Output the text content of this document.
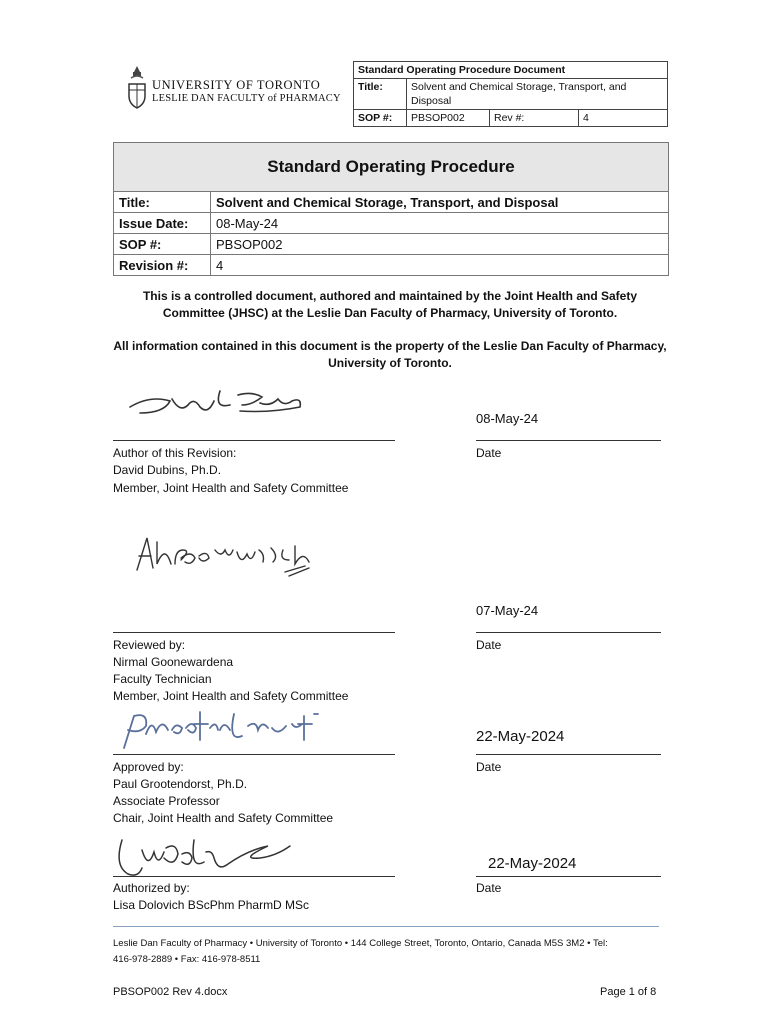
UNIVERSITY OF TORONTO
LESLIE DAN FACULTY of PHARMACY
Standard Operating Procedure Document			
Title:	Solvent and Chemical Storage, Transport, and Disposal		
SOP #:	PBSOP002	Rev #:	4
Standard Operating Procedure
Title:	Solvent and Chemical Storage, Transport, and Disposal
Issue Date:	08-May-24
SOP #:	PBSOP002
Revision #:	4
This is a controlled document, authored and maintained by the Joint Health and Safety Committee (JHSC) at the Leslie Dan Faculty of Pharmacy, University of Toronto.
All information contained in this document is the property of the Leslie Dan Faculty of Pharmacy, University of Toronto.
08-May-24
Author of this Revision:
David Dubins, Ph.D.
Member, Joint Health and Safety Committee
Date
07-May-24
Reviewed by:
Nirmal Goonewardena
Faculty Technician
Member, Joint Health and Safety Committee
Date
22-May-2024
Approved by:
Paul Grootendorst, Ph.D.
Associate Professor
Chair, Joint Health and Safety Committee
Date
22-May-2024
Authorized by:
Lisa Dolovich BScPhm PharmD MSc
Date
Leslie Dan Faculty of Pharmacy • University of Toronto • 144 College Street, Toronto, Ontario, Canada M5S 3M2 • Tel:
416-978-2889 • Fax: 416-978-8511
PBSOP002 Rev 4.docx	Page 1 of 8
